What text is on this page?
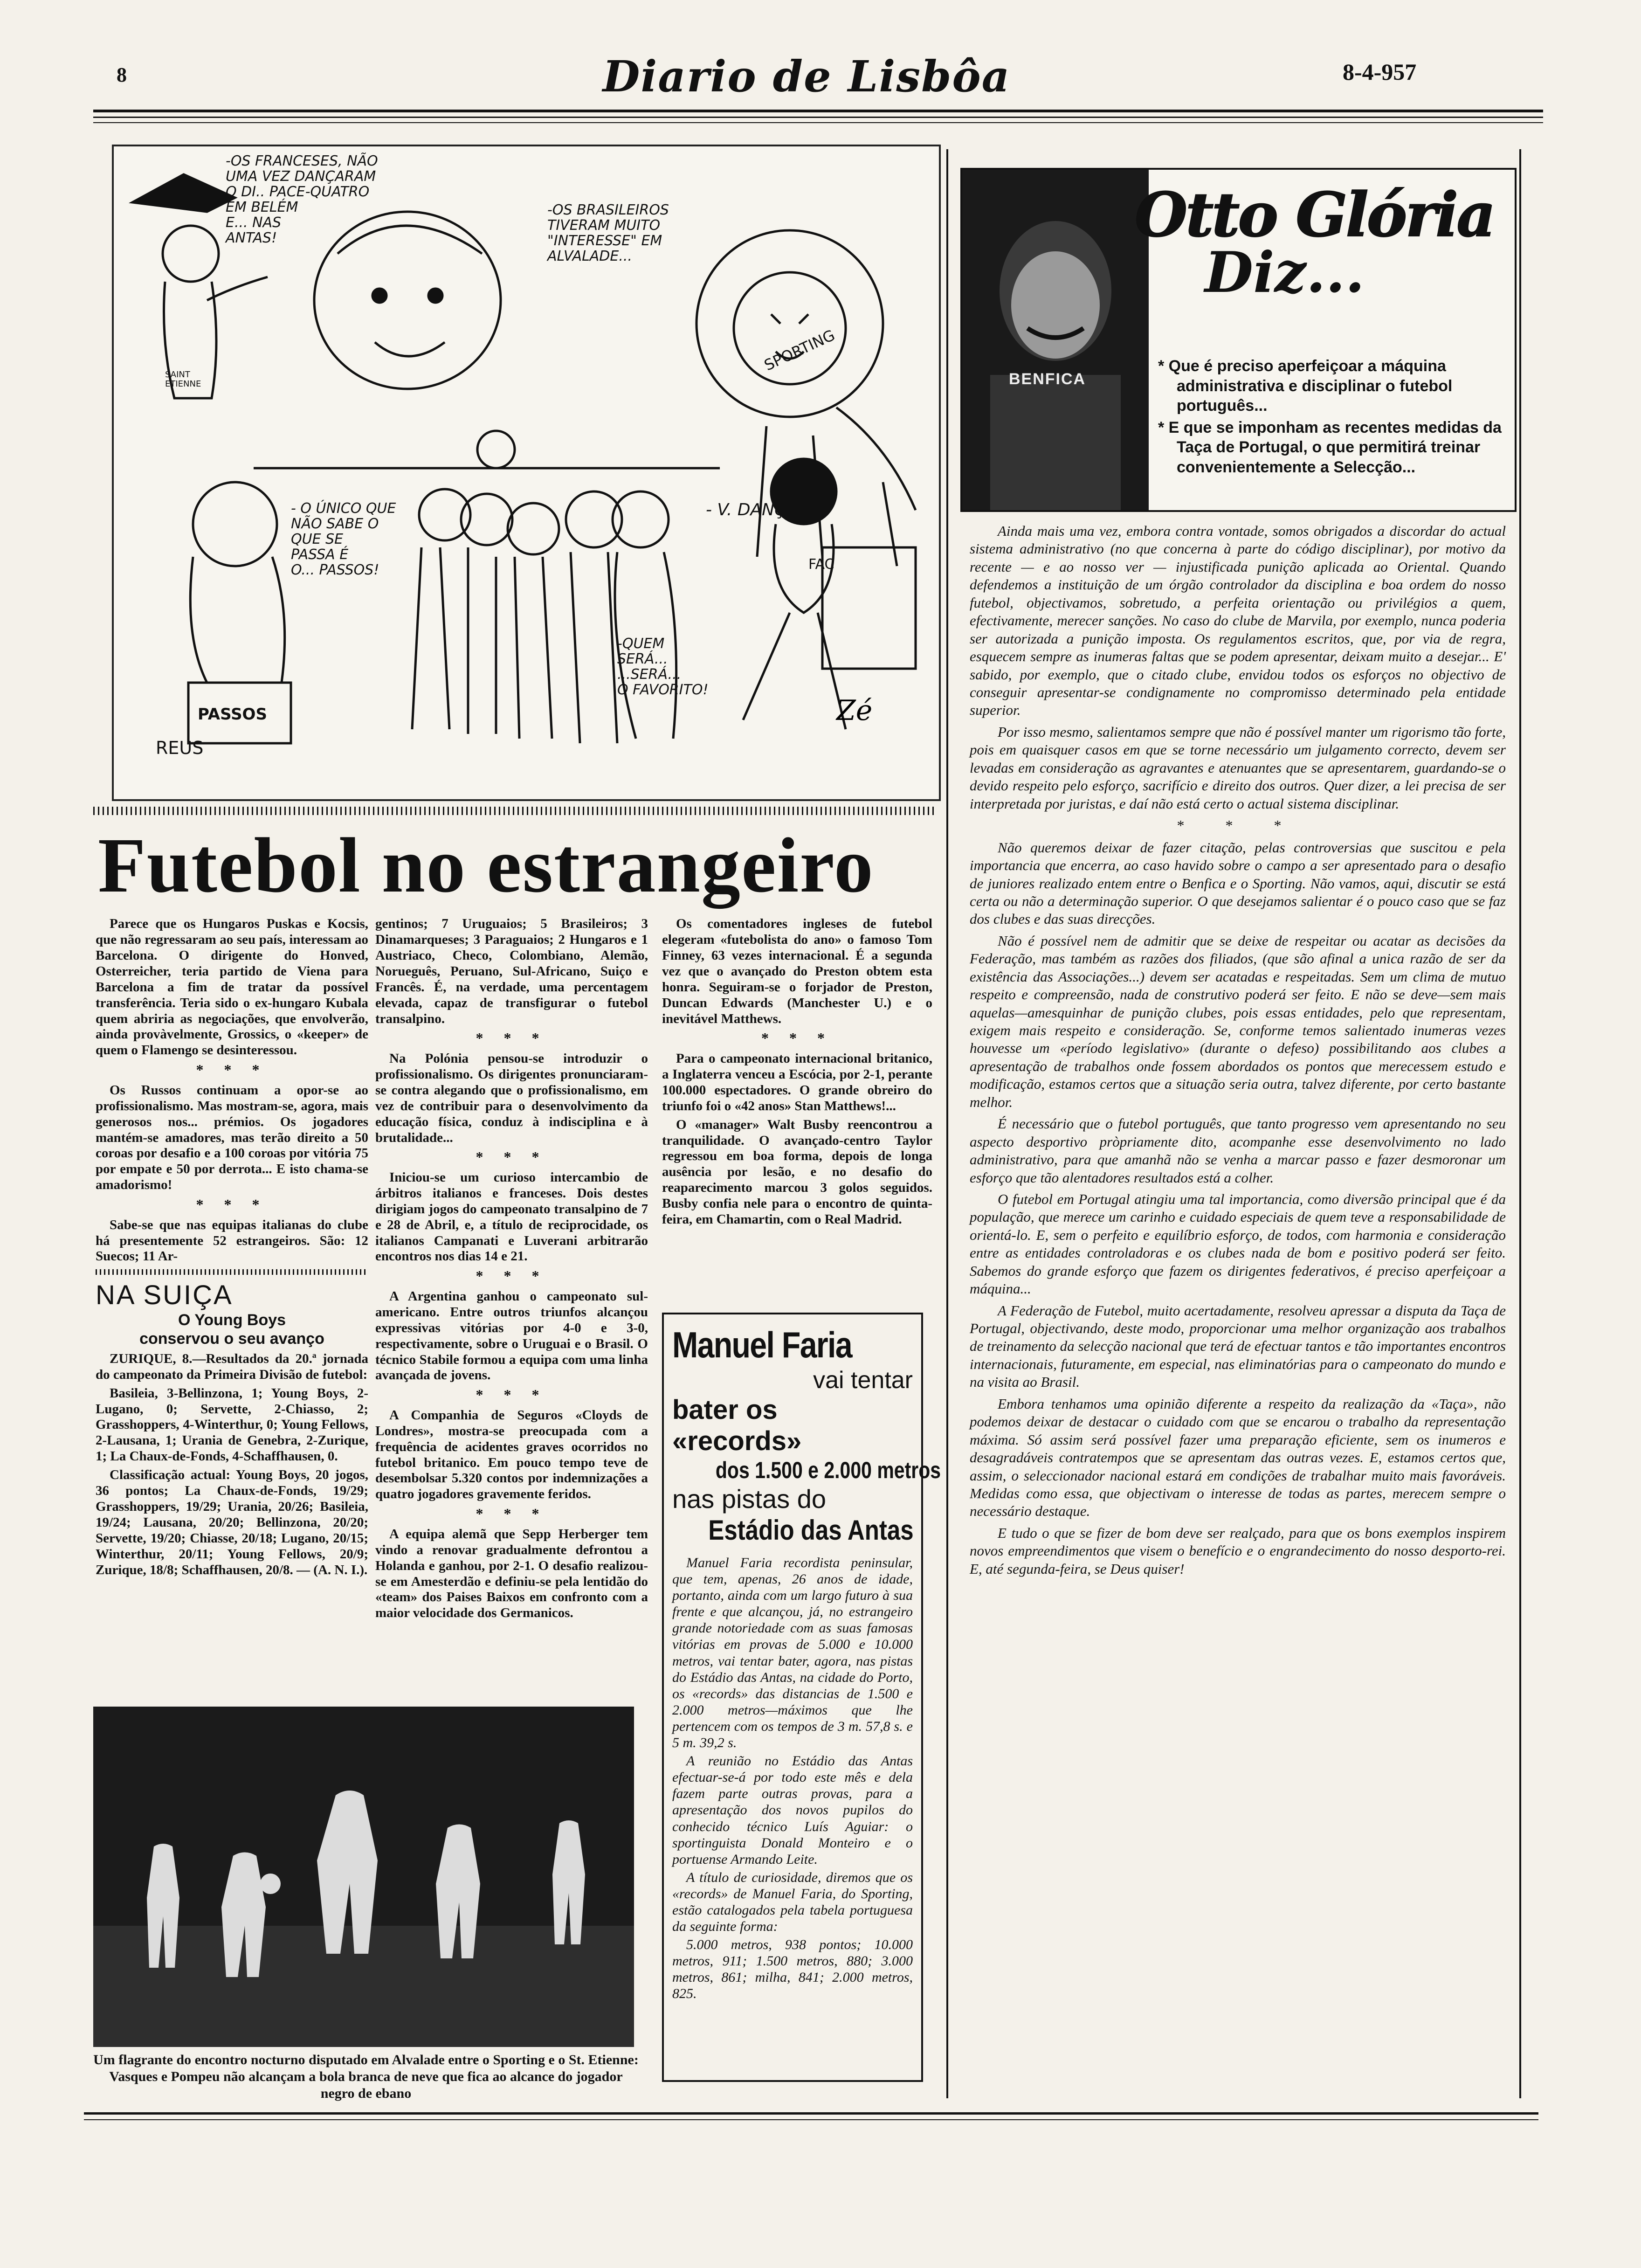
8	Diario de Lisbôa	8-4-957
Zé
-OS FRANCESES, NÃO
UMA VEZ DANÇARAM
O DI.. PACE-QUATRO
EM BELÉM
E... NAS
ANTAS!
-OS BRASILEIROS
TIVERAM MUITO
"INTERESSE" EM
ALVALADE...
- O ÚNICO QUE
NÃO SABE O
QUE SE
PASSA É
O... PASSOS!
- V. DANÇA!
-QUEM
SERÁ...
...SERÁ...
O FAVORITO!
SPORTING
SAINT
ETIENNE
PASSOS
REUS
FAC
Futebol no estrangeiro

Parece que os Hungaros Puskas e Kocsis, que não regressaram ao seu país, interessam ao Barcelona. O dirigente do Honved, Osterreicher, teria partido de Viena para Barcelona a fim de tratar da possível transferência. Teria sido o ex-hungaro Kubala quem abriria as negociações, que envolverão, ainda provàvelmente, Grossics, o «keeper» de quem o Flamengo se desinteressou.

* * *

Os Russos continuam a opor-se ao profissionalismo. Mas mostram-se, agora, mais generosos nos... prémios. Os jogadores mantém-se amadores, mas terão direito a 50 coroas por desafio e a 100 coroas por vitória 75 por empate e 50 por derrota... E isto chama-se amadorismo!

* * *

Sabe-se que nas equipas italianas do clube há presentemente 52 estrangeiros. São: 12 Suecos; 11 Ar-

NA SUIÇA
O Young Boys
conservou o seu avanço

ZURIQUE, 8.—Resultados da 20.ª jornada do campeonato da Primeira Divisão de futebol:

Basileia, 3-Bellinzona, 1; Young Boys, 2-Lugano, 0; Servette, 2-Chiasso, 2; Grasshoppers, 4-Winterthur, 0; Young Fellows, 2-Lausana, 1; Urania de Genebra, 2-Zurique, 1; La Chaux-de-Fonds, 4-Schaffhausen, 0.

Classificação actual: Young Boys, 20 jogos, 36 pontos; La Chaux-de-Fonds, 19/29; Grasshoppers, 19/29; Urania, 20/26; Basileia, 19/24; Lausana, 20/20; Bellinzona, 20/20; Servette, 19/20; Chiasse, 20/18; Lugano, 20/15; Winterthur, 20/11; Young Fellows, 20/9; Zurique, 18/8; Schaffhausen, 20/8. — (A. N. I.).

gentinos; 7 Uruguaios; 5 Brasileiros; 3 Dinamarqueses; 3 Paraguaios; 2 Hungaros e 1 Austriaco, Checo, Colombiano, Alemão, Norueguês, Peruano, Sul-Africano, Suiço e Francês. É, na verdade, uma percentagem elevada, capaz de transfigurar o futebol transalpino.

* * *

Na Polónia pensou-se introduzir o profissionalismo. Os dirigentes pronunciaram-se contra alegando que o profissionalismo, em vez de contribuir para o desenvolvimento da educação física, conduz à indisciplina e à brutalidade...

* * *

Iniciou-se um curioso intercambio de árbitros italianos e franceses. Dois destes dirigiam jogos do campeonato transalpino de 7 e 28 de Abril, e, a título de reciprocidade, os italianos Campanati e Luverani arbitrarão encontros nos dias 14 e 21.

* * *

A Argentina ganhou o campeonato sul-americano. Entre outros triunfos alcançou expressivas vitórias por 4-0 e 3-0, respectivamente, sobre o Uruguai e o Brasil. O técnico Stabile formou a equipa com uma linha avançada de jovens.

* * *

A Companhia de Seguros «Cloyds de Londres», mostra-se preocupada com a frequência de acidentes graves ocorridos no futebol britanico. Em pouco tempo teve de desembolsar 5.320 contos por indemnizações a quatro jogadores gravemente feridos.

* * *

A equipa alemã que Sepp Herberger tem vindo a renovar gradualmente defrontou a Holanda e ganhou, por 2-1. O desafio realizou-se em Amesterdão e definiu-se pela lentidão do «team» dos Paises Baixos em confronto com a maior velocidade dos Germanicos.

Os comentadores ingleses de futebol elegeram «futebolista do ano» o famoso Tom Finney, 63 vezes internacional. É a segunda vez que o avançado do Preston obtem esta honra. Seguiram-se o forjador de Preston, Duncan Edwards (Manchester U.) e o inevitável Matthews.

* * *

Para o campeonato internacional britanico, a Inglaterra venceu a Escócia, por 2-1, perante 100.000 espectadores. O grande obreiro do triunfo foi o «42 anos» Stan Matthews!...

O «manager» Walt Busby reencontrou a tranquilidade. O avançado-centro Taylor regressou em boa forma, depois de longa ausência por lesão, e no desafio do reaparecimento marcou 3 golos seguidos. Busby confia nele para o encontro de quinta-feira, em Chamartin, com o Real Madrid.

Manuel Faria
vai tentar
bater os «records»
dos 1.500 e 2.000 metros
nas pistas do
Estádio das Antas

Manuel Faria recordista peninsular, que tem, apenas, 26 anos de idade, portanto, ainda com um largo futuro à sua frente e que alcançou, já, no estrangeiro grande notoriedade com as suas famosas vitórias em provas de 5.000 e 10.000 metros, vai tentar bater, agora, nas pistas do Estádio das Antas, na cidade do Porto, os «records» das distancias de 1.500 e 2.000 metros—máximos que lhe pertencem com os tempos de 3 m. 57,8 s. e 5 m. 39,2 s.

A reunião no Estádio das Antas efectuar-se-á por todo este mês e dela fazem parte outras provas, para a apresentação dos novos pupilos do conhecido técnico Luís Aguiar: o sportinguista Donald Monteiro e o portuense Armando Leite.

A título de curiosidade, diremos que os «records» de Manuel Faria, do Sporting, estão catalogados pela tabela portuguesa da seguinte forma:

5.000 metros, 938 pontos; 10.000 metros, 911; 1.500 metros, 880; 3.000 metros, 861; milha, 841; 2.000 metros, 825.

Um flagrante do encontro nocturno disputado em Alvalade entre o Sporting e o St. Etienne: Vasques e Pompeu não alcançam a bola branca de neve que fica ao alcance do jogador negro de ebano
Otto Glória
Diz...
BENFICA
* Que é preciso aperfeiçoar a máquina administrativa e disciplinar o futebol português...
* E que se imponham as recentes medidas da Taça de Portugal, o que permitirá treinar convenientemente a Selecção...

Ainda mais uma vez, embora contra vontade, somos obrigados a discordar do actual sistema administrativo (no que concerna à parte do código disciplinar), por motivo da recente — e ao nosso ver — injustificada punição aplicada ao Oriental. Quando defendemos a instituição de um órgão controlador da disciplina e boa ordem do nosso futebol, objectivamos, sobretudo, a perfeita orientação ou privilégios a quem, efectivamente, merecer sanções. No caso do clube de Marvila, por exemplo, nunca poderia ser autorizada a punição imposta. Os regulamentos escritos, que, por via de regra, esquecem sempre as inumeras faltas que se podem apresentar, deixam muito a desejar... E' sabido, por exemplo, que o citado clube, envidou todos os esforços no objectivo de conseguir apresentar-se condignamente no compromisso determinado pela entidade superior.

Por isso mesmo, salientamos sempre que não é possível manter um rigorismo tão forte, pois em quaisquer casos em que se torne necessário um julgamento correcto, devem ser levadas em consideração as agravantes e atenuantes que se apresentarem, guardando-se o devido respeito pelo esforço, sacrifício e direito dos outros. Quer dizer, a lei precisa de ser interpretada por juristas, e daí não está certo o actual sistema disciplinar.

* * *

Não queremos deixar de fazer citação, pelas controversias que suscitou e pela importancia que encerra, ao caso havido sobre o campo a ser apresentado para o desafio de juniores realizado entem entre o Benfica e o Sporting. Não vamos, aqui, discutir se está certa ou não a determinação superior. O que desejamos salientar é o pouco caso que se faz dos clubes e das suas direcções.

Não é possível nem de admitir que se deixe de respeitar ou acatar as decisões da Federação, mas também as razões dos filiados, (que são afinal a unica razão de ser da existência das Associações...) devem ser acatadas e respeitadas. Sem um clima de mutuo respeito e compreensão, nada de construtivo poderá ser feito. E não se deve—sem mais aquelas—amesquinhar de punição clubes, pois essas entidades, pelo que representam, exigem mais respeito e consideração. Se, conforme temos salientado inumeras vezes houvesse um «período legislativo» (durante o defeso) possibilitando aos clubes a apresentação de trabalhos onde fossem abordados os pontos que merecessem estudo e modificação, estamos certos que a situação seria outra, talvez diferente, por certo bastante melhor.

É necessário que o futebol português, que tanto progresso vem apresentando no seu aspecto desportivo pròpriamente dito, acompanhe esse desenvolvimento no lado administrativo, para que amanhã não se venha a marcar passo e fazer desmoronar um esforço que tão alentadores resultados está a colher.

O futebol em Portugal atingiu uma tal importancia, como diversão principal que é da população, que merece um carinho e cuidado especiais de quem teve a responsabilidade de orientá-lo. E, sem o perfeito e equilíbrio esforço, de todos, com harmonia e consideração entre as entidades controladoras e os clubes nada de bom e positivo poderá ser feito. Sabemos do grande esforço que fazem os dirigentes federativos, é preciso aperfeiçoar a máquina...

A Federação de Futebol, muito acertadamente, resolveu apressar a disputa da Taça de Portugal, objectivando, deste modo, proporcionar uma melhor organização aos trabalhos de treinamento da selecção nacional que terá de efectuar tantos e tão importantes encontros internacionais, futuramente, em especial, nas eliminatórias para o campeonato do mundo e na visita ao Brasil.

Embora tenhamos uma opinião diferente a respeito da realização da «Taça», não podemos deixar de destacar o cuidado com que se encarou o trabalho da representação máxima. Só assim será possível fazer uma preparação eficiente, sem os inumeros e desagradáveis contratempos que se apresentam das outras vezes. E, estamos certos que, assim, o seleccionador nacional estará em condições de trabalhar muito mais favoráveis. Medidas como essa, que objectivam o interesse de todas as partes, merecem sempre o necessário destaque.

E tudo o que se fizer de bom deve ser realçado, para que os bons exemplos inspirem novos empreendimentos que visem o benefício e o engrandecimento do nosso desporto-rei. E, até segunda-feira, se Deus quiser!
